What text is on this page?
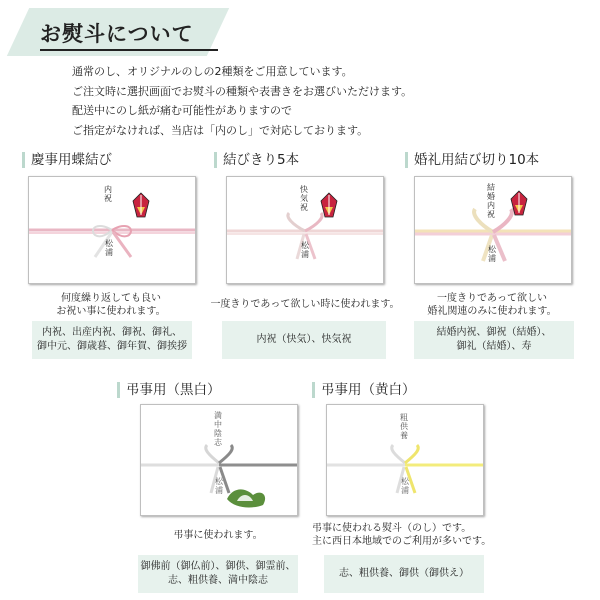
お熨斗について
通常のし、オリジナルのしの2種類をご用意しています。
ご注文時に選択画面でお熨斗の種類や表書きをお選びいただけます。
配送中にのし紙が痛む可能性がありますので
ご指定がなければ、当店は「内のし」で対応しております。
慶事用蝶結び
内祝
松浦
何度繰り返しても良い
お祝い事に使われます。
内祝、出産内祝、御祝、御礼、
御中元、御歳暮、御年賀、御挨拶
結びきり5本
快気祝
松浦
一度きりであって欲しい時に使われます。
内祝（快気）、快気祝
婚礼用結び切り10本
結婚内祝
松浦
一度きりであって欲しい
婚礼関連のみに使われます。
結婚内祝、御祝（結婚）、
御礼（結婚）、寿
弔事用（黒白）
満中陰志
松浦
弔事に使われます。
御佛前（御仏前）、御供、御霊前、
志、粗供養、満中陰志
弔事用（黄白）
粗供養
松浦
弔事に使われる熨斗（のし）です。
主に西日本地域でのご利用が多いです。
志、粗供養、御供（御供え）
